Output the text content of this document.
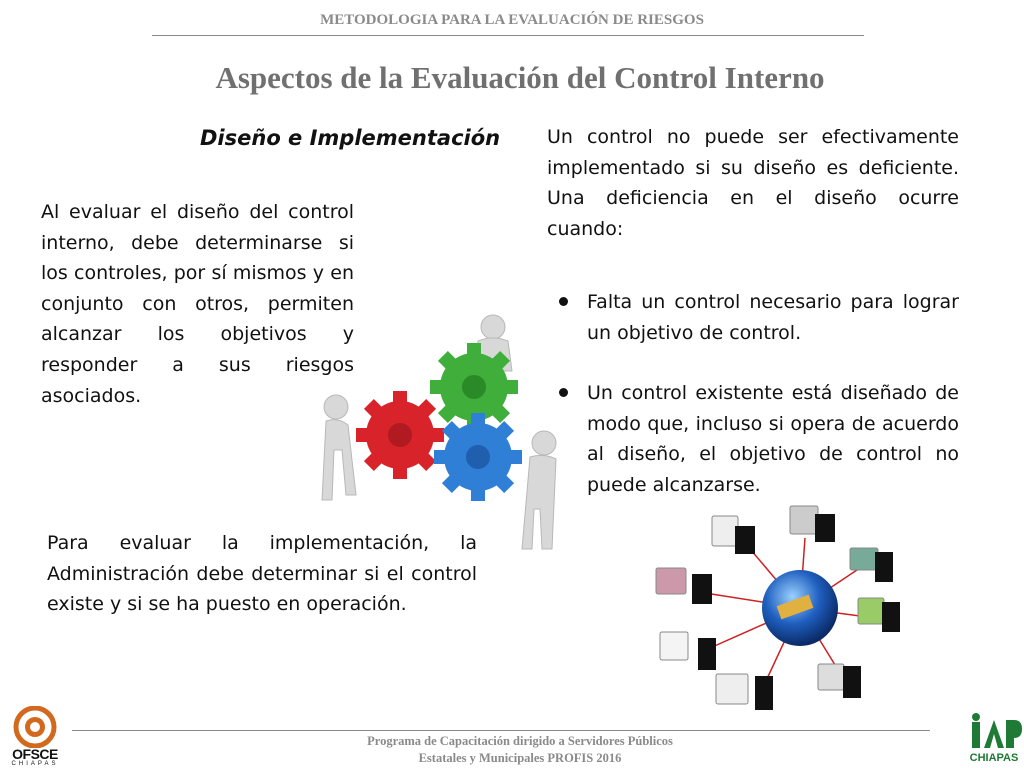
METODOLOGIA PARA LA EVALUACIÓN DE RIESGOS
Aspectos de la Evaluación del Control Interno
Diseño e Implementación
Al evaluar el diseño del control interno, debe determinarse si los controles, por sí mismos y en conjunto con otros, permiten alcanzar los objetivos y responder a sus riesgos asociados.
Un control no puede ser efectivamente implementado si su diseño es deficiente. Una deficiencia en el diseño ocurre cuando:
Falta un control necesario para lograr un objetivo de control.
Un control existente está diseñado de modo que, incluso si opera de acuerdo al diseño, el objetivo de control no puede alcanzarse.
Para evaluar la implementación, la Administración debe determinar si el control existe y si se ha puesto en operación.
Programa de Capacitación dirigido a Servidores Públicos
Estatales y Municipales PROFIS 2016
OFSCE
CHIAPAS	CHIAPAS
